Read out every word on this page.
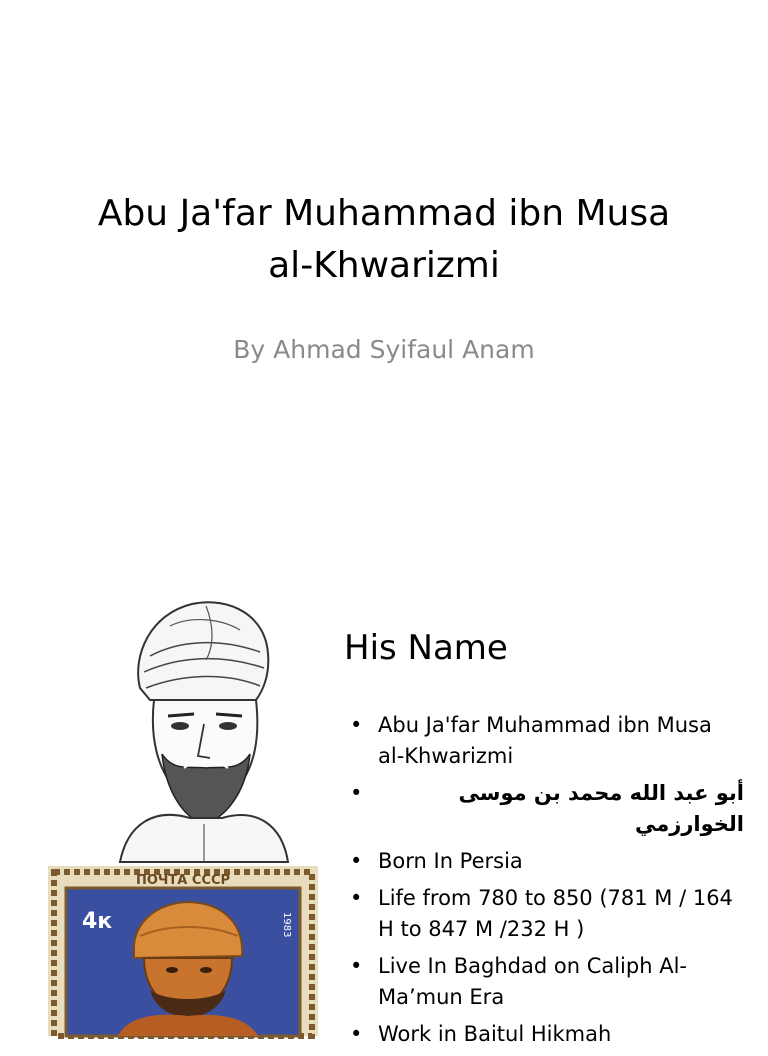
Abu Ja'far Muhammad ibn Musa
al-Khwarizmi
By Ahmad Syifaul Anam
ПОЧТА СССР
4к	1983
His Name
• Abu Ja'far Muhammad ibn Musa al-Khwarizmi
•	أبو عبد الله محمد بن موسى الخوارزمي
• Born In Persia
• Life from 780 to 850 (781 M / 164 H to 847 M /232 H )
• Live In Baghdad on Caliph Al-Ma’mun Era
• Work in Baitul Hikmah
